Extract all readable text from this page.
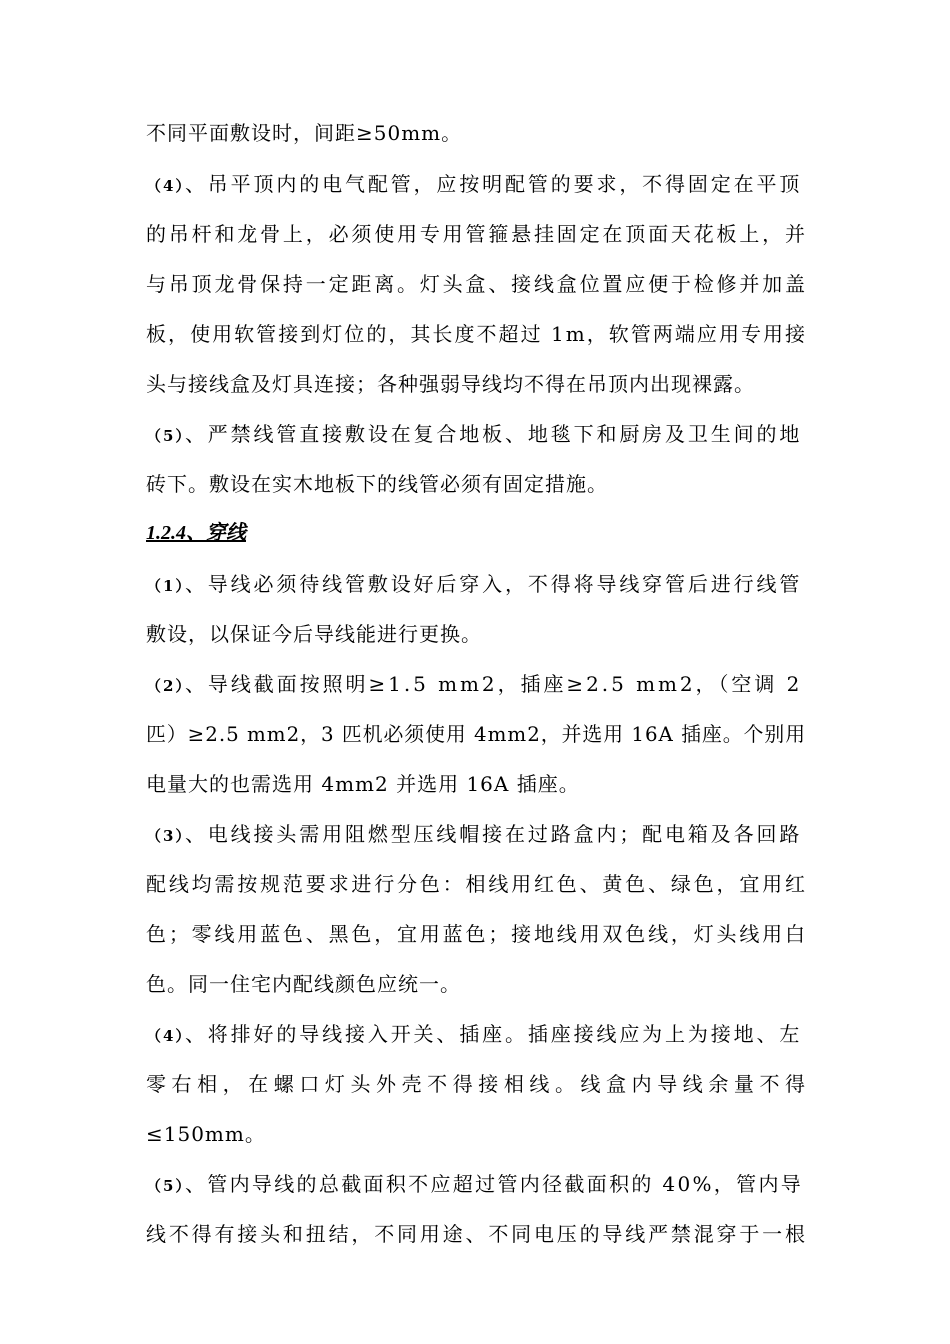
不同平面敷设时，间距≥50mm。
（4）、吊平顶内的电气配管，应按明配管的要求，不得固定在平顶
的吊杆和龙骨上，必须使用专用管箍悬挂固定在顶面天花板上，并
与吊顶龙骨保持一定距离。灯头盒、接线盒位置应便于检修并加盖
板，使用软管接到灯位的，其长度不超过 1m，软管两端应用专用接
头与接线盒及灯具连接；各种强弱导线均不得在吊顶内出现裸露。
（5）、严禁线管直接敷设在复合地板、地毯下和厨房及卫生间的地
砖下。敷设在实木地板下的线管必须有固定措施。
1.2.4、穿线
（1）、导线必须待线管敷设好后穿入，不得将导线穿管后进行线管
敷设，以保证今后导线能进行更换。
（2）、导线截面按照明≥1.5 mm2，插座≥2.5 mm2，（空调 2
匹）≥2.5 mm2，3 匹机必须使用 4mm2，并选用 16A 插座。个别用
电量大的也需选用 4mm2 并选用 16A 插座。
（3）、电线接头需用阻燃型压线帽接在过路盒内；配电箱及各回路
配线均需按规范要求进行分色：相线用红色、黄色、绿色，宜用红
色；零线用蓝色、黑色，宜用蓝色；接地线用双色线，灯头线用白
色。同一住宅内配线颜色应统一。
（4）、将排好的导线接入开关、插座。插座接线应为上为接地、左
零右相，在螺口灯头外壳不得接相线。线盒内导线余量不得
≤150mm。
（5）、管内导线的总截面积不应超过管内径截面积的 40%，管内导
线不得有接头和扭结，不同用途、不同电压的导线严禁混穿于一根
